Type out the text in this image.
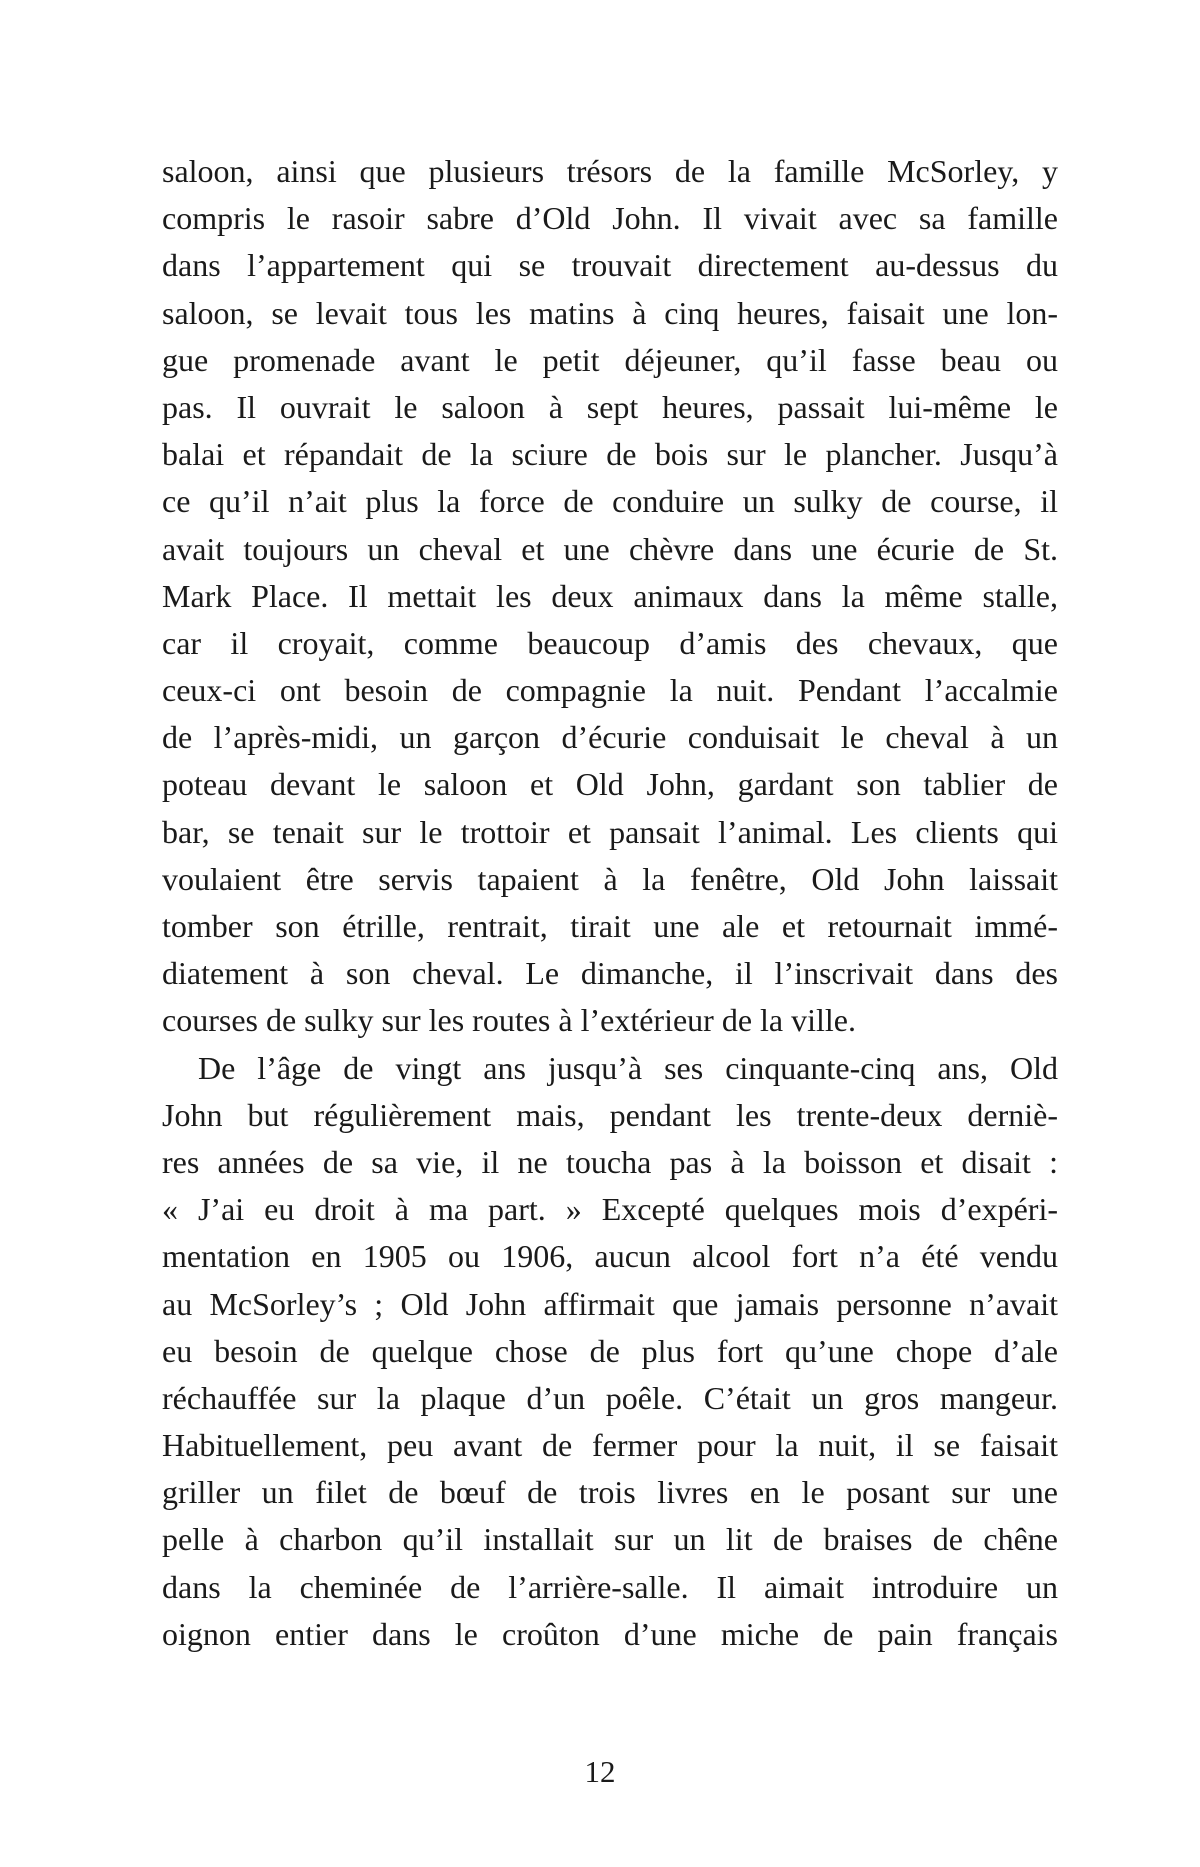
saloon, ainsi que plusieurs trésors de la famille McSorley, y
compris le rasoir sabre d’Old John. Il vivait avec sa famille
dans l’appartement qui se trouvait directement au-dessus du
saloon, se levait tous les matins à cinq heures, faisait une lon-
gue promenade avant le petit déjeuner, qu’il fasse beau ou
pas. Il ouvrait le saloon à sept heures, passait lui-même le
balai et répandait de la sciure de bois sur le plancher. Jusqu’à
ce qu’il n’ait plus la force de conduire un sulky de course, il
avait toujours un cheval et une chèvre dans une écurie de St.
Mark Place. Il mettait les deux animaux dans la même stalle,
car il croyait, comme beaucoup d’amis des chevaux, que
ceux-ci ont besoin de compagnie la nuit. Pendant l’accalmie
de l’après-midi, un garçon d’écurie conduisait le cheval à un
poteau devant le saloon et Old John, gardant son tablier de
bar, se tenait sur le trottoir et pansait l’animal. Les clients qui
voulaient être servis tapaient à la fenêtre, Old John laissait
tomber son étrille, rentrait, tirait une ale et retournait immé-
diatement à son cheval. Le dimanche, il l’inscrivait dans des
courses de sulky sur les routes à l’extérieur de la ville.
De l’âge de vingt ans jusqu’à ses cinquante-cinq ans, Old
John but régulièrement mais, pendant les trente-deux derniè-
res années de sa vie, il ne toucha pas à la boisson et disait :
« J’ai eu droit à ma part. » Excepté quelques mois d’expéri-
mentation en 1905 ou 1906, aucun alcool fort n’a été vendu
au McSorley’s ; Old John affirmait que jamais personne n’avait
eu besoin de quelque chose de plus fort qu’une chope d’ale
réchauffée sur la plaque d’un poêle. C’était un gros mangeur.
Habituellement, peu avant de fermer pour la nuit, il se faisait
griller un filet de bœuf de trois livres en le posant sur une
pelle à charbon qu’il installait sur un lit de braises de chêne
dans la cheminée de l’arrière-salle. Il aimait introduire un
oignon entier dans le croûton d’une miche de pain français
12
